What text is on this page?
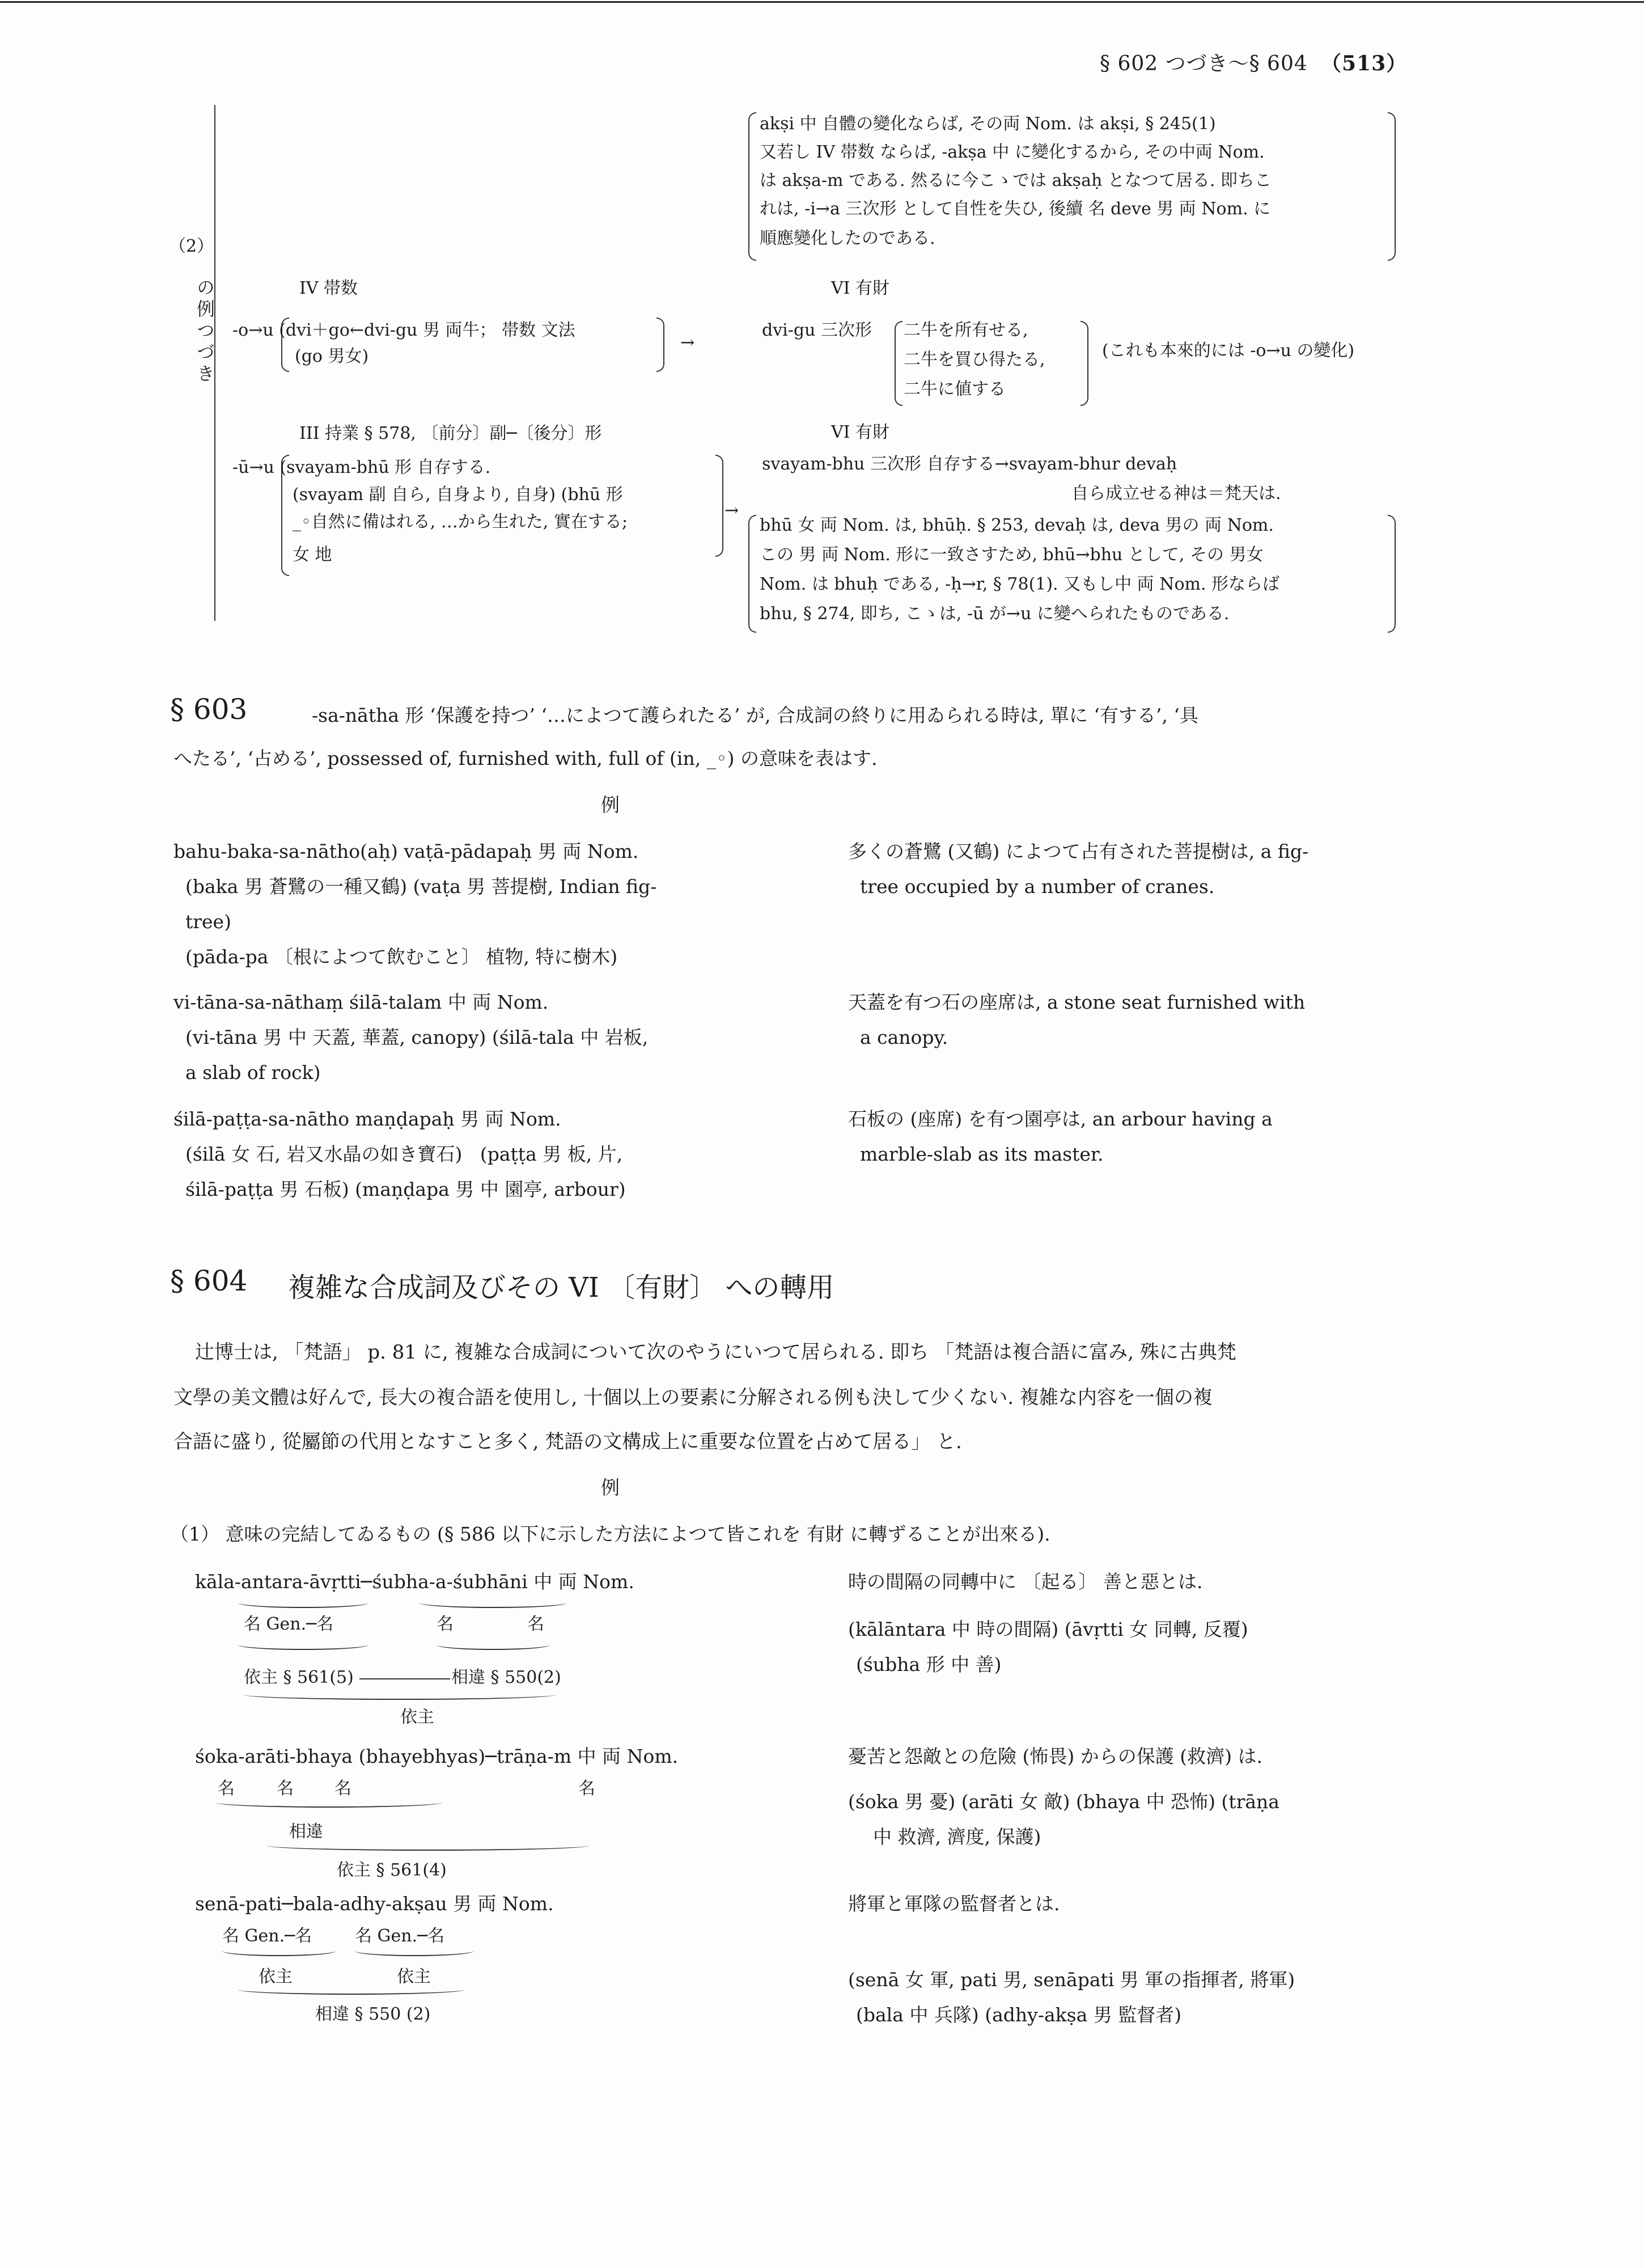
§ 602 つづき～§ 604 （513）
（2）
の例つづき	IV 帯数
-o→u (dvi＋go←dvi-gu 男 両牛； 帯数 文法
(go 男女)
→
III 持業 § 578, 〔前分〕副─〔後分〕形
-ū→u (svayam-bhū 形 自存する.
(svayam 副 自ら, 自身より, 自身) (bhū 形
_◦自然に備はれる, …から生れた, 實在する;
女 地
→
akṣi 中 自體の變化ならば, その両 Nom. は akṣi, § 245(1)
又若し IV 帯数 ならば, -akṣa 中 に變化するから, その中両 Nom.
は akṣa-m である. 然るに今こゝでは akṣaḥ となつて居る. 即ちこ
れは, -i→a 三次形 として自性を失ひ, 後續 名 deve 男 両 Nom. に
順應變化したのである.
VI 有財
dvi-gu 三次形 二牛を所有せる,
二牛を買ひ得たる,
二牛に値する
(これも本來的には -o→u の變化)
VI 有財
svayam-bhu 三次形 自存する→svayam-bhur devaḥ
自ら成立せる神は＝梵天は.
bhū 女 両 Nom. は, bhūḥ. § 253, devaḥ は, deva 男の 両 Nom.
この 男 両 Nom. 形に一致さすため, bhū→bhu として, その 男女
Nom. は bhuḥ である, -ḥ→r, § 78(1). 又もし中 両 Nom. 形ならば
bhu, § 274, 即ち, こゝは, -ū が→u に變へられたものである.
§ 603	-sa-nātha 形 ‘保護を持つ’ ‘…によつて護られたる’ が, 合成詞の終りに用ゐられる時は, 單に ‘有する’, ‘具
へたる’, ‘占める’, possessed of, furnished with, full of (in, _◦) の意味を表はす.
例
bahu-baka-sa-nātho(aḥ) vaṭā-pādapaḥ 男 両 Nom.
(baka 男 蒼鷺の一種又鶴) (vaṭa 男 菩提樹, Indian fig-
tree)
(pāda-pa 〔根によつて飲むこと〕 植物, 特に樹木)
多くの蒼鷺 (又鶴) によつて占有された菩提樹は, a fig-
tree occupied by a number of cranes.
vi-tāna-sa-nāthaṃ śilā-talam 中 両 Nom.
(vi-tāna 男 中 天蓋, 華蓋, canopy) (śilā-tala 中 岩板,
a slab of rock)
天蓋を有つ石の座席は, a stone seat furnished with
a canopy.
śilā-paṭṭa-sa-nātho maṇḍapaḥ 男 両 Nom.
(śilā 女 石, 岩又水晶の如き寶石)   (paṭṭa 男 板, 片,
śilā-paṭṭa 男 石板) (maṇḍapa 男 中 園亭, arbour)
石板の (座席) を有つ園亭は, an arbour having a
marble-slab as its master.
§ 604 複雑な合成詞及びその VI 〔有財〕 への轉用
辻博士は, 「梵語」 p. 81 に, 複雑な合成詞について次のやうにいつて居られる. 即ち 「梵語は複合語に富み, 殊に古典梵
文學の美文體は好んで, 長大の複合語を使用し, 十個以上の要素に分解される例も決して少くない. 複雑な内容を一個の複
合語に盛り, 從屬節の代用となすこと多く, 梵語の文構成上に重要な位置を占めて居る」 と.
例
（1） 意味の完結してゐるもの (§ 586 以下に示した方法によつて皆これを 有財 に轉ずることが出來る).
kāla-antara-āvṛtti─śubha-a-śubhāni 中 両 Nom.
名 Gen.─名	名	名
依主 § 561(5)	相違 § 550(2)
依主
時の間隔の同轉中に 〔起る〕 善と惡とは.
(kālāntara 中 時の間隔) (āvṛtti 女 同轉, 反覆)
(śubha 形 中 善)
śoka-arāti-bhaya (bhayebhyas)─trāṇa-m 中 両 Nom.
名 名 名	名
相違
依主 § 561(4)
憂苦と怨敵との危險 (怖畏) からの保護 (救濟) は.
(śoka 男 憂) (arāti 女 敵) (bhaya 中 恐怖) (trāṇa
中 救濟, 濟度, 保護)
senā-pati─bala-adhy-akṣau 男 両 Nom.
名 Gen.─名	名 Gen.─名
依主	依主
相違 § 550 (2)
將軍と軍隊の監督者とは.
(senā 女 軍, pati 男, senāpati 男 軍の指揮者, 將軍)
(bala 中 兵隊) (adhy-akṣa 男 監督者)
